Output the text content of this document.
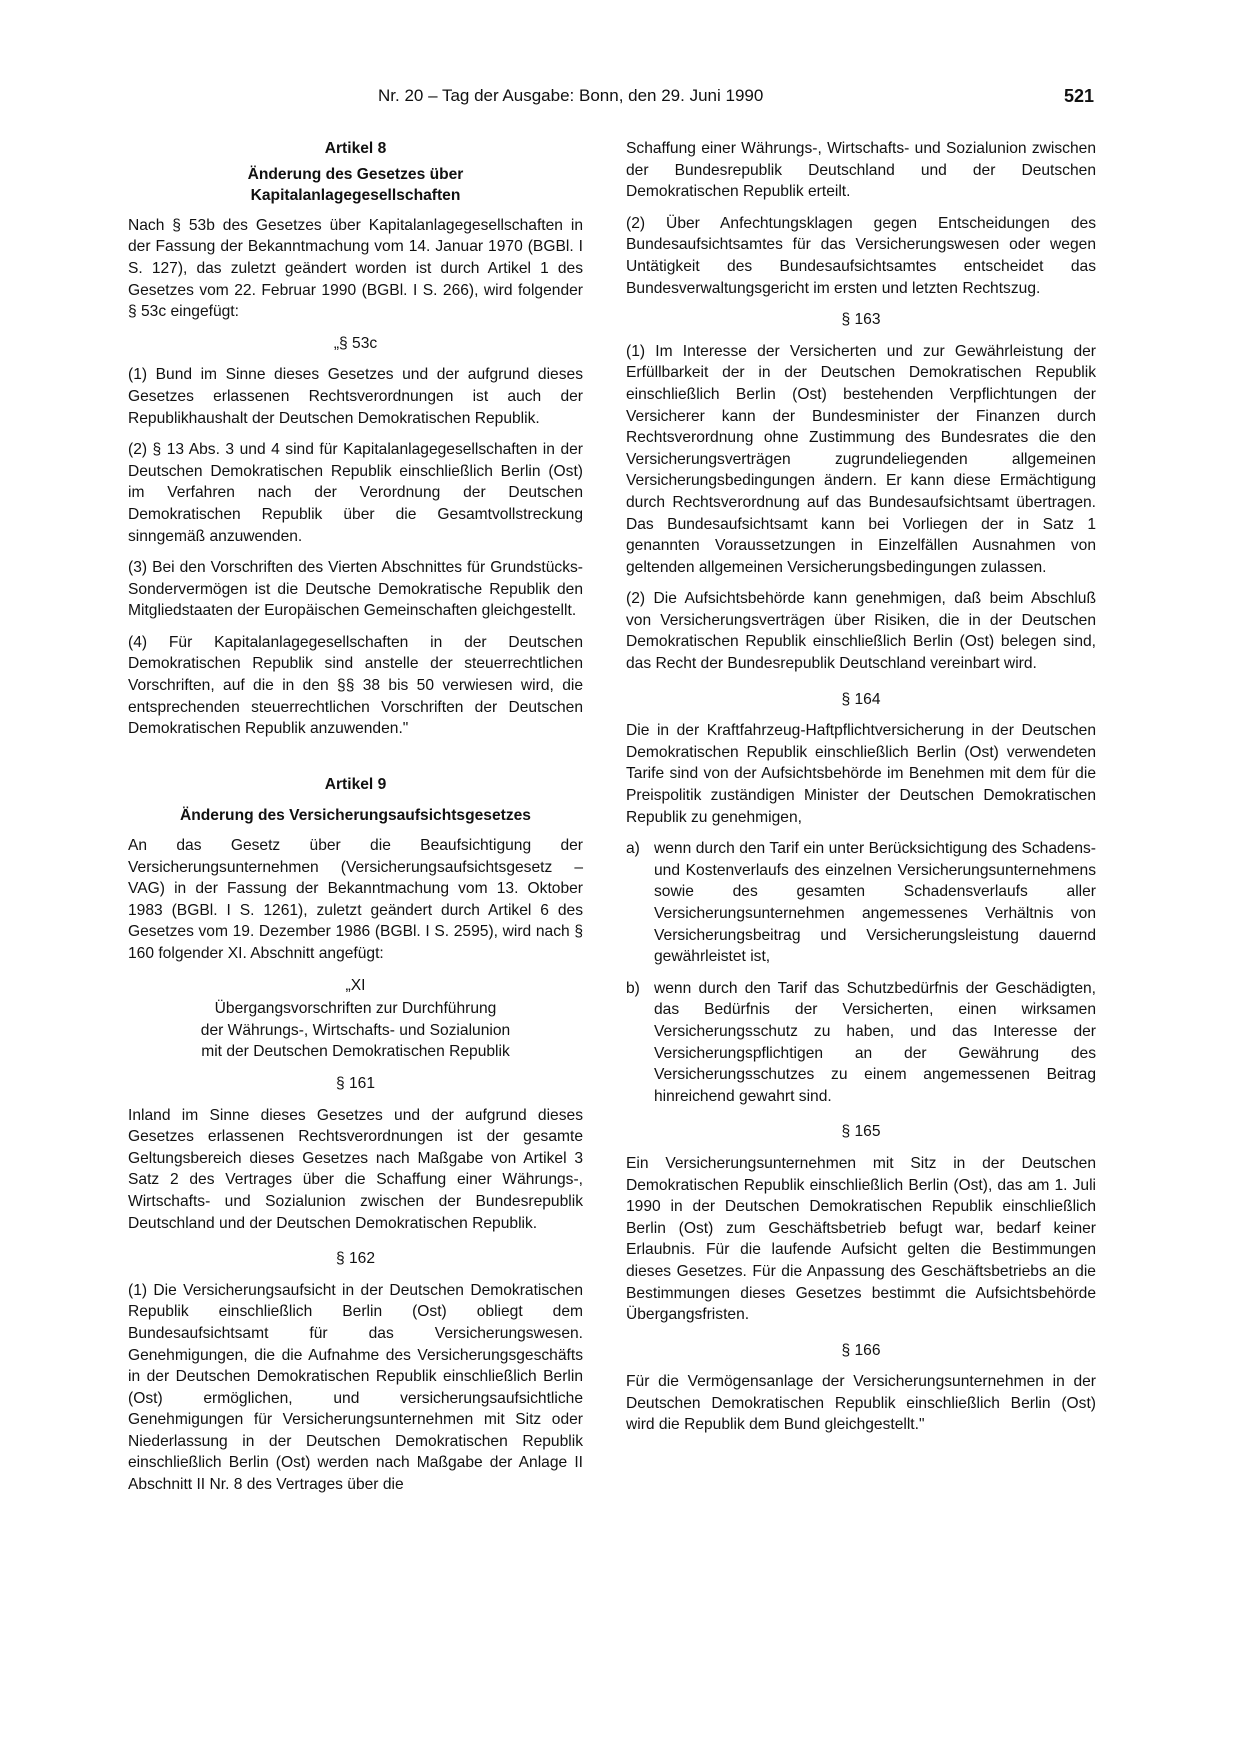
Nr. 20 – Tag der Ausgabe: Bonn, den 29. Juni 1990	521
Artikel 8
Änderung des Gesetzes über Kapitalanlagegesellschaften

Nach § 53b des Gesetzes über Kapitalanlagegesellschaften in der Fassung der Bekanntmachung vom 14. Januar 1970 (BGBl. I S. 127), das zuletzt geändert worden ist durch Artikel 1 des Gesetzes vom 22. Februar 1990 (BGBl. I S. 266), wird folgender § 53c eingefügt:

„§ 53c

(1) Bund im Sinne dieses Gesetzes und der aufgrund dieses Gesetzes erlassenen Rechtsverordnungen ist auch der Republikhaushalt der Deutschen Demokratischen Republik.

(2) § 13 Abs. 3 und 4 sind für Kapitalanlagegesellschaften in der Deutschen Demokratischen Republik einschließlich Berlin (Ost) im Verfahren nach der Verordnung der Deutschen Demokratischen Republik über die Gesamtvollstreckung sinngemäß anzuwenden.

(3) Bei den Vorschriften des Vierten Abschnittes für Grundstücks-Sondervermögen ist die Deutsche Demokratische Republik den Mitgliedstaaten der Europäischen Gemeinschaften gleichgestellt.

(4) Für Kapitalanlagegesellschaften in der Deutschen Demokratischen Republik sind anstelle der steuerrechtlichen Vorschriften, auf die in den §§ 38 bis 50 verwiesen wird, die entsprechenden steuerrechtlichen Vorschriften der Deutschen Demokratischen Republik anzuwenden."

Artikel 9
Änderung des Versicherungsaufsichtsgesetzes

An das Gesetz über die Beaufsichtigung der Versicherungsunternehmen (Versicherungsaufsichtsgesetz – VAG) in der Fassung der Bekanntmachung vom 13. Oktober 1983 (BGBl. I S. 1261), zuletzt geändert durch Artikel 6 des Gesetzes vom 19. Dezember 1986 (BGBl. I S. 2595), wird nach § 160 folgender XI. Abschnitt angefügt:

„XI
Übergangsvorschriften zur Durchführung
der Währungs-, Wirtschafts- und Sozialunion
mit der Deutschen Demokratischen Republik
§ 161

Inland im Sinne dieses Gesetzes und der aufgrund dieses Gesetzes erlassenen Rechtsverordnungen ist der gesamte Geltungsbereich dieses Gesetzes nach Maßgabe von Artikel 3 Satz 2 des Vertrages über die Schaffung einer Währungs-, Wirtschafts- und Sozialunion zwischen der Bundesrepublik Deutschland und der Deutschen Demokratischen Republik.

§ 162

(1) Die Versicherungsaufsicht in der Deutschen Demokratischen Republik einschließlich Berlin (Ost) obliegt dem Bundesaufsichtsamt für das Versicherungswesen. Genehmigungen, die die Aufnahme des Versicherungsgeschäfts in der Deutschen Demokratischen Republik einschließlich Berlin (Ost) ermöglichen, und versicherungsaufsichtliche Genehmigungen für Versicherungsunternehmen mit Sitz oder Niederlassung in der Deutschen Demokratischen Republik einschließlich Berlin (Ost) werden nach Maßgabe der Anlage II Abschnitt II Nr. 8 des Vertrages über die

Schaffung einer Währungs-, Wirtschafts- und Sozialunion zwischen der Bundesrepublik Deutschland und der Deutschen Demokratischen Republik erteilt.

(2) Über Anfechtungsklagen gegen Entscheidungen des Bundesaufsichtsamtes für das Versicherungswesen oder wegen Untätigkeit des Bundesaufsichtsamtes entscheidet das Bundesverwaltungsgericht im ersten und letzten Rechtszug.

§ 163

(1) Im Interesse der Versicherten und zur Gewährleistung der Erfüllbarkeit der in der Deutschen Demokratischen Republik einschließlich Berlin (Ost) bestehenden Verpflichtungen der Versicherer kann der Bundesminister der Finanzen durch Rechtsverordnung ohne Zustimmung des Bundesrates die den Versicherungsverträgen zugrundeliegenden allgemeinen Versicherungsbedingungen ändern. Er kann diese Ermächtigung durch Rechtsverordnung auf das Bundesaufsichtsamt übertragen. Das Bundesaufsichtsamt kann bei Vorliegen der in Satz 1 genannten Voraussetzungen in Einzelfällen Ausnahmen von geltenden allgemeinen Versicherungsbedingungen zulassen.

(2) Die Aufsichtsbehörde kann genehmigen, daß beim Abschluß von Versicherungsverträgen über Risiken, die in der Deutschen Demokratischen Republik einschließlich Berlin (Ost) belegen sind, das Recht der Bundesrepublik Deutschland vereinbart wird.

§ 164

Die in der Kraftfahrzeug-Haftpflichtversicherung in der Deutschen Demokratischen Republik einschließlich Berlin (Ost) verwendeten Tarife sind von der Aufsichtsbehörde im Benehmen mit dem für die Preispolitik zuständigen Minister der Deutschen Demokratischen Republik zu genehmigen,

a) wenn durch den Tarif ein unter Berücksichtigung des Schadens- und Kostenverlaufs des einzelnen Versicherungsunternehmens sowie des gesamten Schadensverlaufs aller Versicherungsunternehmen angemessenes Verhältnis von Versicherungsbeitrag und Versicherungsleistung dauernd gewährleistet ist,
b) wenn durch den Tarif das Schutzbedürfnis der Geschädigten, das Bedürfnis der Versicherten, einen wirksamen Versicherungsschutz zu haben, und das Interesse der Versicherungspflichtigen an der Gewährung des Versicherungsschutzes zu einem angemessenen Beitrag hinreichend gewahrt sind.
§ 165

Ein Versicherungsunternehmen mit Sitz in der Deutschen Demokratischen Republik einschließlich Berlin (Ost), das am 1. Juli 1990 in der Deutschen Demokratischen Republik einschließlich Berlin (Ost) zum Geschäftsbetrieb befugt war, bedarf keiner Erlaubnis. Für die laufende Aufsicht gelten die Bestimmungen dieses Gesetzes. Für die Anpassung des Geschäftsbetriebs an die Bestimmungen dieses Gesetzes bestimmt die Aufsichtsbehörde Übergangsfristen.

§ 166

Für die Vermögensanlage der Versicherungsunternehmen in der Deutschen Demokratischen Republik einschließlich Berlin (Ost) wird die Republik dem Bund gleichgestellt."
